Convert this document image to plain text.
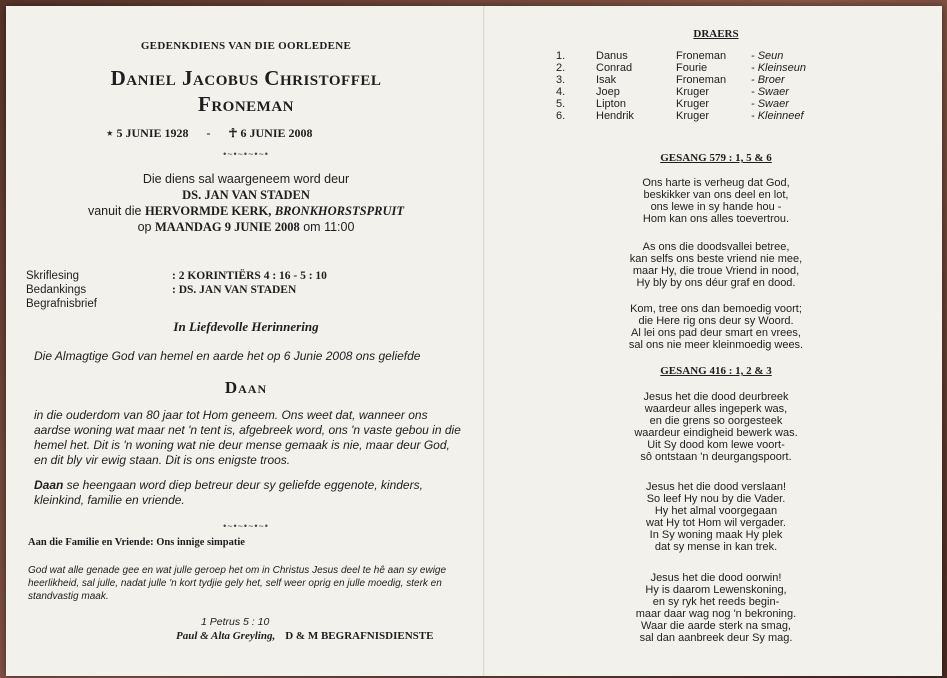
GEDENKDIENS VAN DIE OORLEDENE
Daniel Jacobus Christoffel
Froneman
⋆ 5 JUNIE 1928 - ☥ 6 JUNIE 2008
•~•~•~•~•
Die diens sal waargeneem word deur
DS. JAN VAN STADEN
vanuit die HERVORMDE KERK, BRONKHORSTSPRUIT
op MAANDAG 9 JUNIE 2008 om 11:00
Skriflesing	: 2 KORINTIËRS 4 : 16 - 5 : 10
Bedankings	: DS. JAN VAN STADEN
Begrafnisbrief
In Liefdevolle Herinnering
Die Almagtige God van hemel en aarde het op 6 Junie 2008 ons geliefde
Daan
in die ouderdom van 80 jaar tot Hom geneem. Ons weet dat, wanneer ons aardse woning wat maar net 'n tent is, afgebreek word, ons 'n vaste gebou in die hemel het. Dit is 'n woning wat nie deur mense gemaak is nie, maar deur God, en dit bly vir ewig staan. Dit is ons enigste troos.
Daan se heengaan word diep betreur deur sy geliefde eggenote, kinders, kleinkind, familie en vriende.
•~•~•~•~•
Aan die Familie en Vriende: Ons innige simpatie
God wat alle genade gee en wat julle geroep het om in Christus Jesus deel te hê aan sy ewige heerlikheid, sal julle, nadat julle 'n kort tydjie gely het, self weer oprig en julle moedig, sterk en standvastig maak.
1 Petrus 5 : 10
Paul & Alta Greyling, D & M BEGRAFNISDIENSTE
DRAERS
1.	Danus	Froneman	- Seun
2.	Conrad	Fourie	- Kleinseun
3.	Isak	Froneman	- Broer
4.	Joep	Kruger	- Swaer
5.	Lipton	Kruger	- Swaer
6.	Hendrik	Kruger	- Kleinneef
GESANG 579 : 1, 5 & 6
Ons harte is verheug dat God,
beskikker van ons deel en lot,
ons lewe in sy hande hou -
Hom kan ons alles toevertrou.
As ons die doodsvallei betree,
kan selfs ons beste vriend nie mee,
maar Hy, die troue Vriend in nood,
Hy bly by ons déur graf en dood.
Kom, tree ons dan bemoedig voort;
die Here rig ons deur sy Woord.
Al lei ons pad deur smart en vrees,
sal ons nie meer kleinmoedig wees.
GESANG 416 : 1, 2 & 3
Jesus het die dood deurbreek
waardeur alles ingeperk was,
en die grens so oorgesteek
waardeur eindigheid bewerk was.
Uit Sy dood kom lewe voort-
sô ontstaan 'n deurgangspoort.
Jesus het die dood verslaan!
So leef Hy nou by die Vader.
Hy het almal voorgegaan
wat Hy tot Hom wil vergader.
In Sy woning maak Hy plek
dat sy mense in kan trek.
Jesus het die dood oorwin!
Hy is daarom Lewenskoning,
en sy ryk het reeds begin-
maar daar wag nog 'n bekroning.
Waar die aarde sterk na smag,
sal dan aanbreek deur Sy mag.
